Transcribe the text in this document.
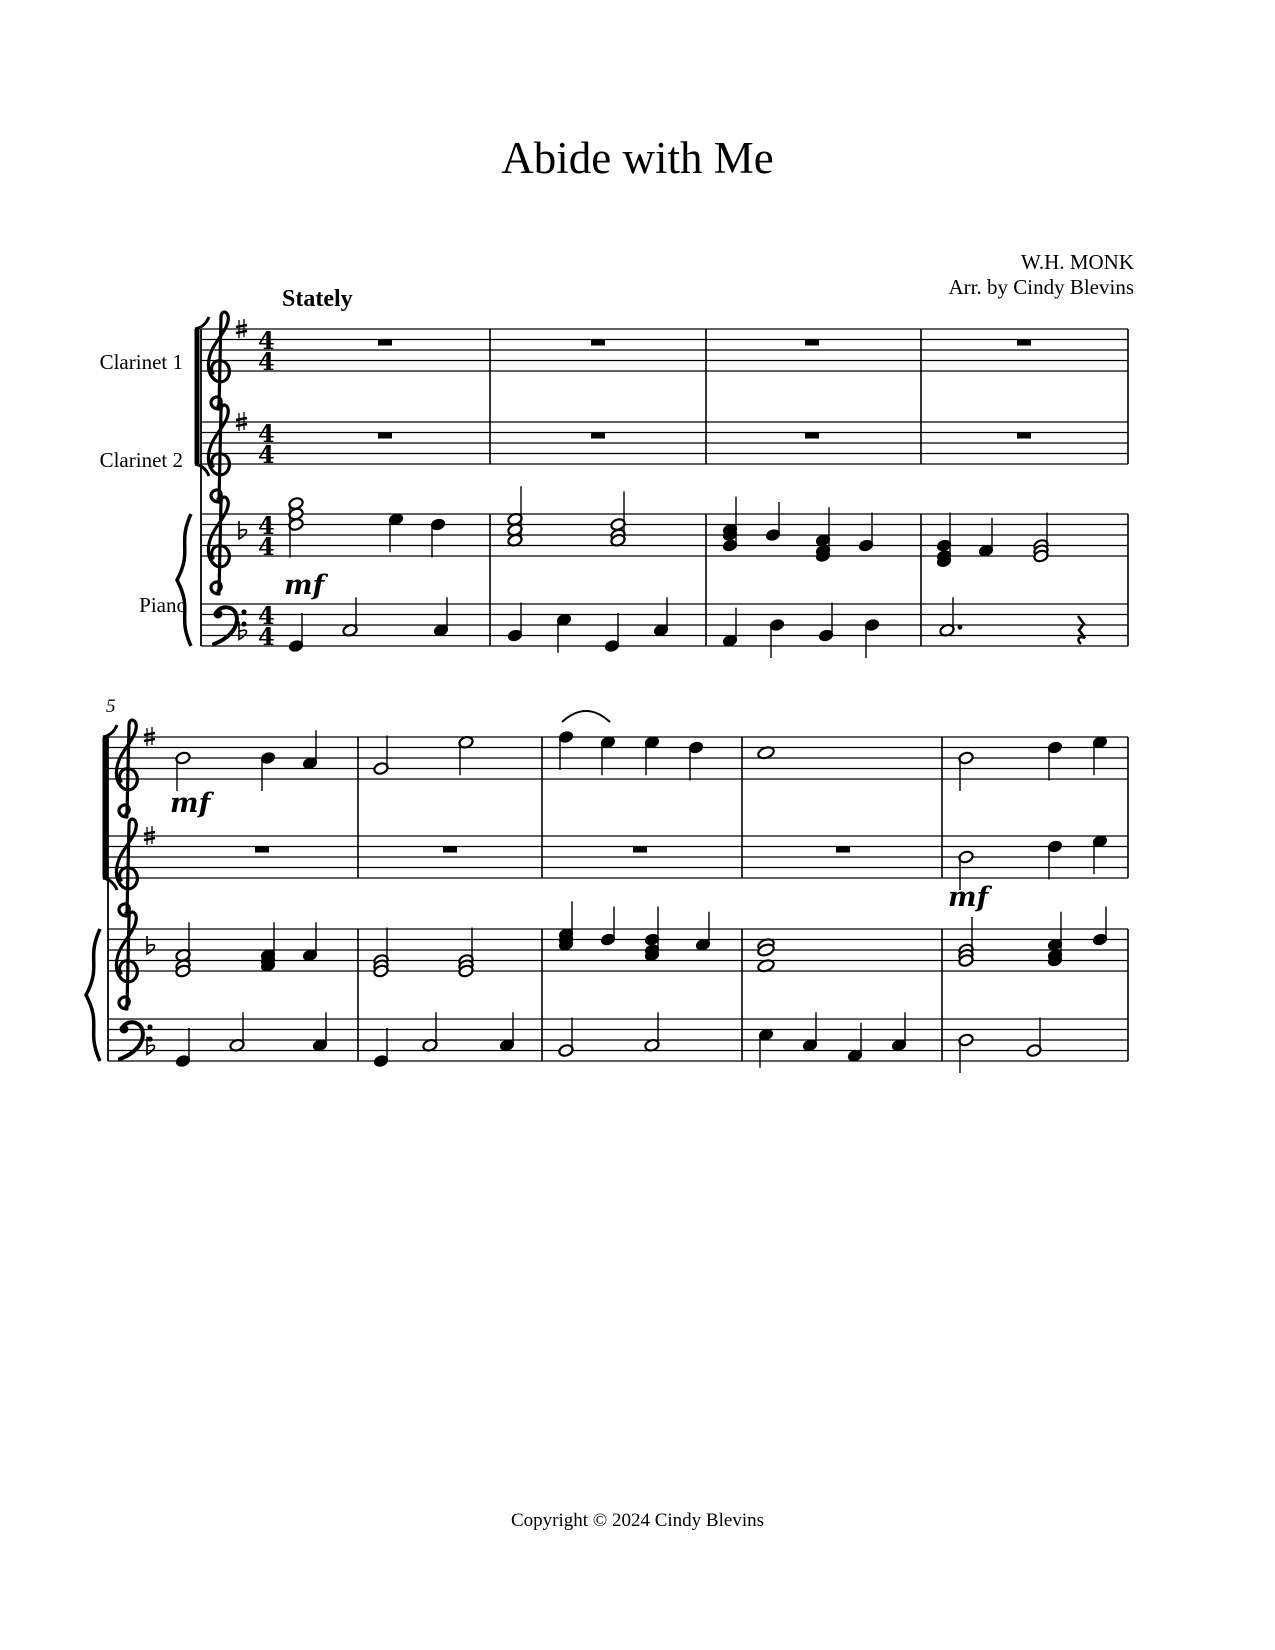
Abide with Me
W.H. MONK
Arr. by Cindy Blevins
Stately
Clarinet 1
Clarinet 2
Piano
4
4
4
4
4
4
4
4
mf
5
mf
mf
Copyright © 2024 Cindy Blevins
